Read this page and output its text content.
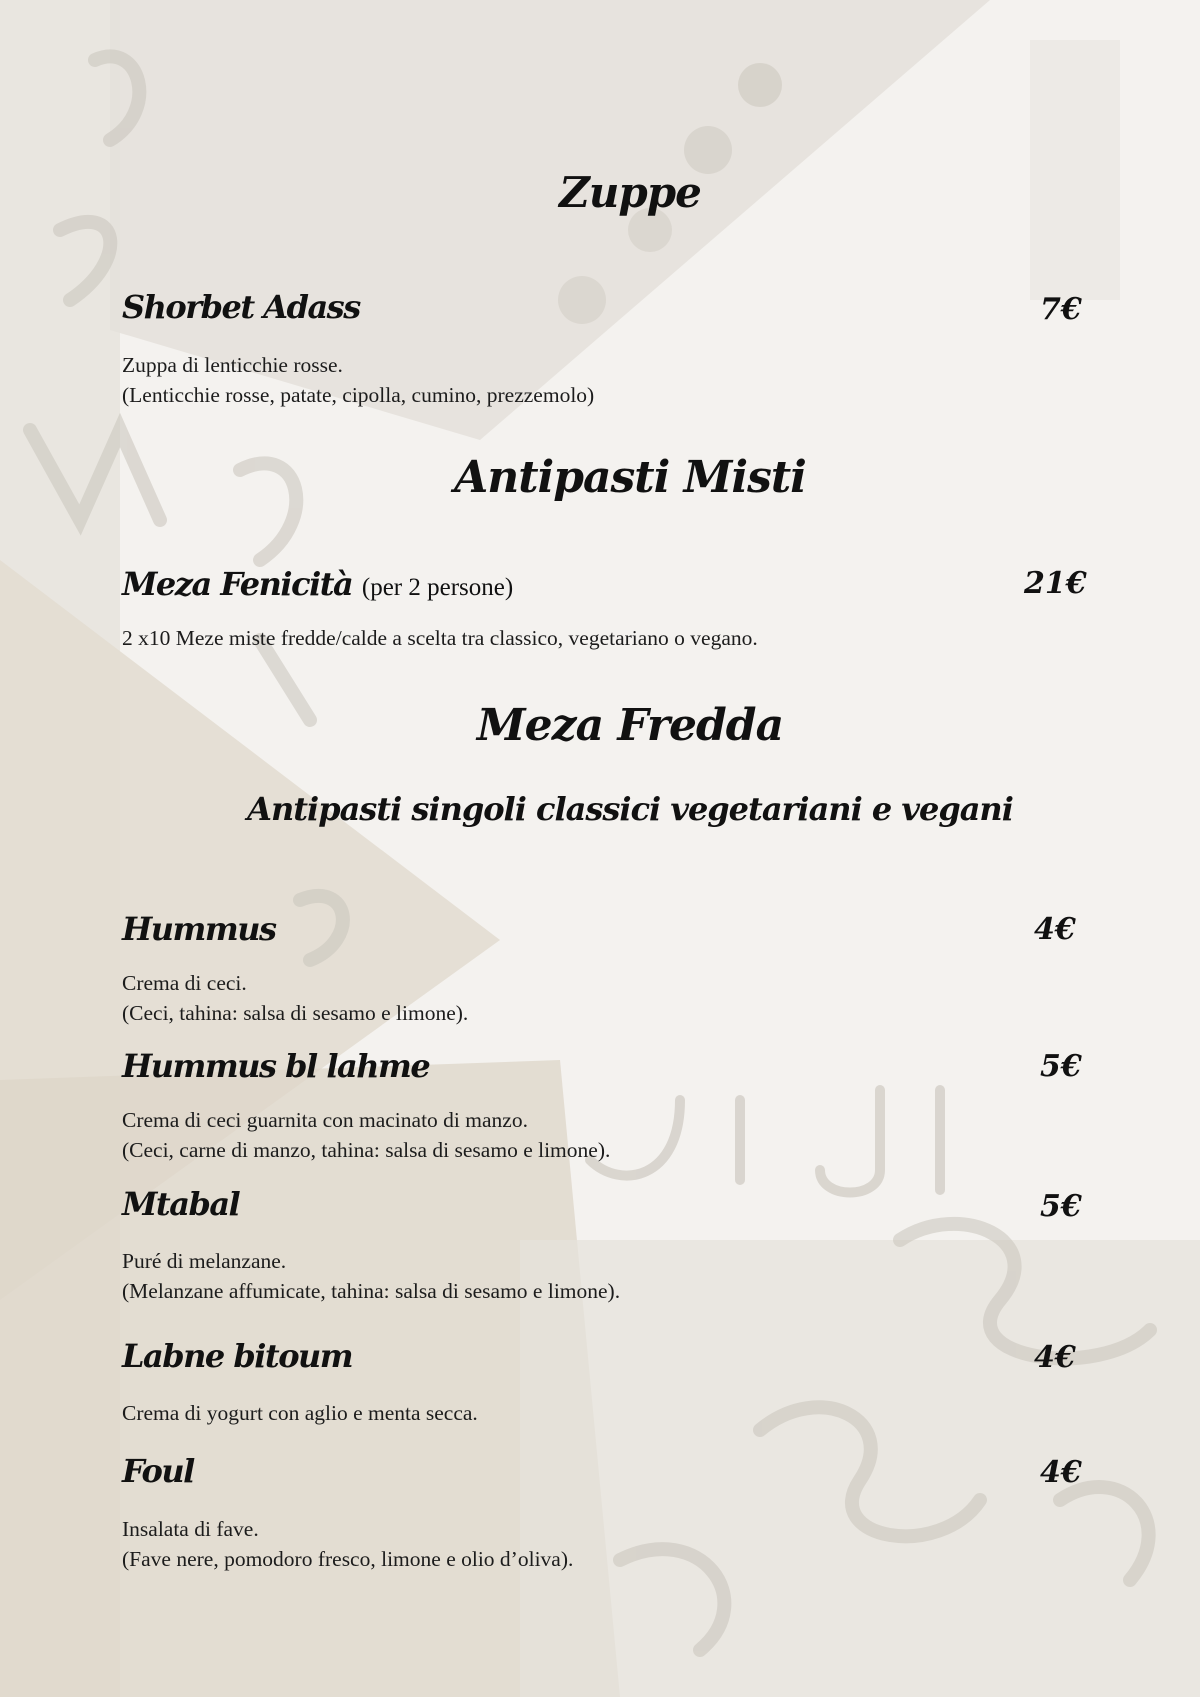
Zuppe
Shorbet Adass	7€
Zuppa di lenticchie rosse.
(Lenticchie rosse, patate, cipolla, cumino, prezzemolo)
Antipasti Misti
Meza Fenicità (per 2 persone)	21€
2 x10 Meze miste fredde/calde a scelta tra classico, vegetariano o vegano.
Meza Fredda
Antipasti singoli classici vegetariani e vegani
Hummus	4€
Crema di ceci.
(Ceci, tahina: salsa di sesamo e limone).
Hummus bl lahme	5€
Crema di ceci guarnita con macinato di manzo.
(Ceci, carne di manzo, tahina: salsa di sesamo e limone).
Mtabal	5€
Puré di melanzane.
(Melanzane affumicate, tahina: salsa di sesamo e limone).
Labne bitoum	4€
Crema di yogurt con aglio e menta secca.
Foul	4€
Insalata di fave.
(Fave nere, pomodoro fresco, limone e olio d’oliva).
